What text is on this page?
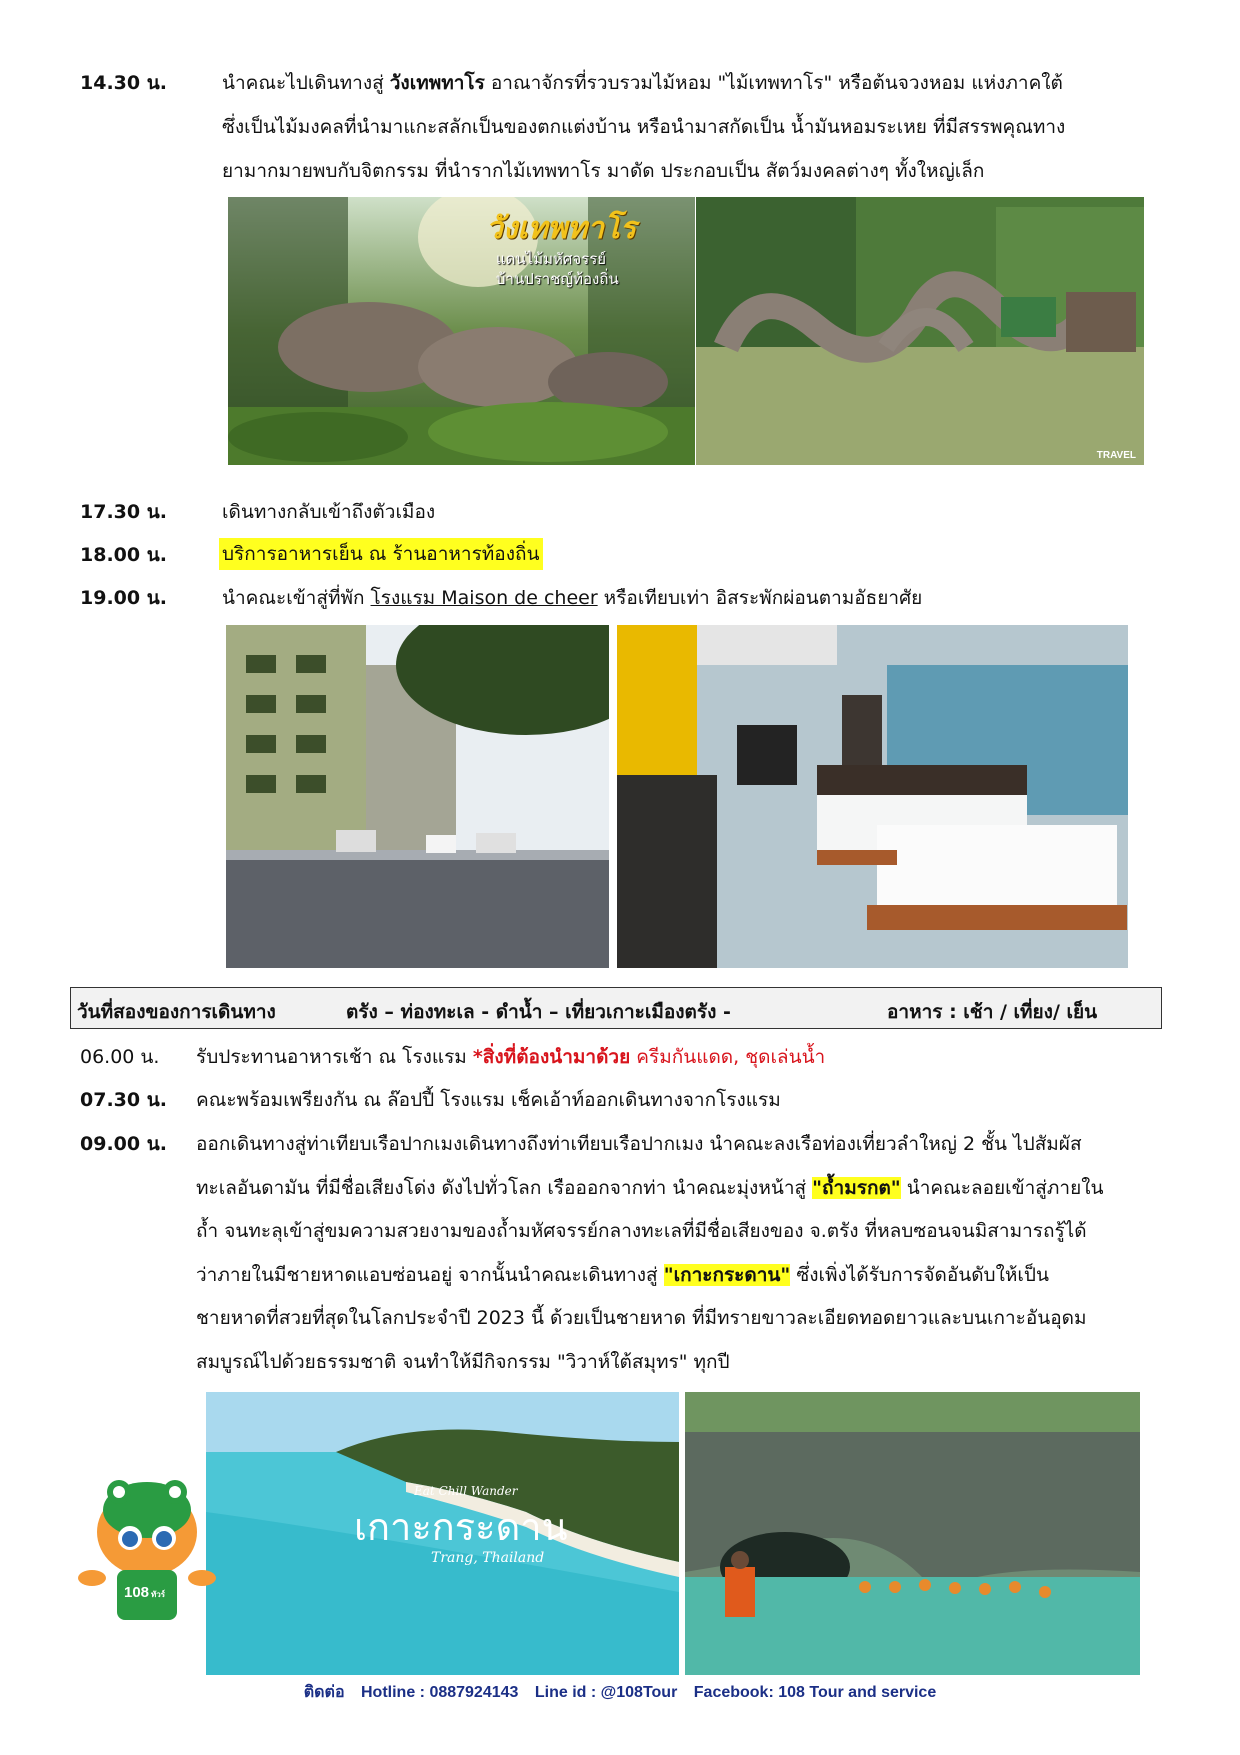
14.30 น.	นำคณะไปเดินทางสู่ วังเทพทาโร อาณาจักรที่รวบรวมไม้หอม "ไม้เทพทาโร" หรือต้นจวงหอม แห่งภาคใต้
ซึ่งเป็นไม้มงคลที่นำมาแกะสลักเป็นของตกแต่งบ้าน หรือนำมาสกัดเป็น น้ำมันหอมระเหย ที่มีสรรพคุณทาง
ยามากมายพบกับจิตกรรม ที่นำรากไม้เทพทาโร มาดัด ประกอบเป็น สัตว์มงคลต่างๆ ทั้งใหญ่เล็ก
วังเทพทาโร
แดนไม้มหัศจรรย์
บ้านปราชญ์ท้องถิ่น
TRAVEL
17.30 น.	เดินทางกลับเข้าถึงตัวเมือง
18.00 น.	บริการอาหารเย็น ณ ร้านอาหารท้องถิ่น
19.00 น.	นำคณะเข้าสู่ที่พัก โรงแรม Maison de cheer หรือเทียบเท่า อิสระพักผ่อนตามอัธยาศัย
วันที่สองของการเดินทาง	ตรัง – ท่องทะเล - ดำน้ำ – เที่ยวเกาะเมืองตรัง -	อาหาร : เช้า / เที่ยง/ เย็น
06.00 น. รับประทานอาหารเช้า ณ โรงแรม *สิ่งที่ต้องนำมาด้วย ครีมกันแดด, ชุดเล่นน้ำ
07.30 น. คณะพร้อมเพรียงกัน ณ ล๊อปปี้ โรงแรม เช็คเอ้าท์ออกเดินทางจากโรงแรม
09.00 น. ออกเดินทางสู่ท่าเทียบเรือปากเมงเดินทางถึงท่าเทียบเรือปากเมง นำคณะลงเรือท่องเที่ยวลำใหญ่ 2 ชั้น ไปสัมผัส
ทะเลอันดามัน ที่มีชื่อเสียงโด่ง ดังไปทั่วโลก เรือออกจากท่า นำคณะมุ่งหน้าสู่ "ถ้ำมรกต" นำคณะลอยเข้าสู่ภายใน
ถ้ำ จนทะลุเข้าสู่ขมความสวยงามของถ้ำมหัศจรรย์กลางทะเลที่มีชื่อเสียงของ จ.ตรัง ที่หลบซอนจนมิสามารถรู้ได้
ว่าภายในมีชายหาดแอบซ่อนอยู่ จากนั้นนำคณะเดินทางสู่ "เกาะกระดาน" ซึ่งเพิ่งได้รับการจัดอันดับให้เป็น
ชายหาดที่สวยที่สุดในโลกประจำปี 2023 นี้ ด้วยเป็นชายหาด ที่มีทรายขาวละเอียดทอดยาวและบนเกาะอันอุดม
สมบูรณ์ไปด้วยธรรมชาติ จนทำให้มีกิจกรรม "วิวาห์ใต้สมุทร" ทุกปี
Eat Chill Wander
เกาะกระดาน
Trang, Thailand
108 ทัวร์
ติดต่อ Hotline : 0887924143 Line id : @108Tour Facebook: 108 Tour and service
